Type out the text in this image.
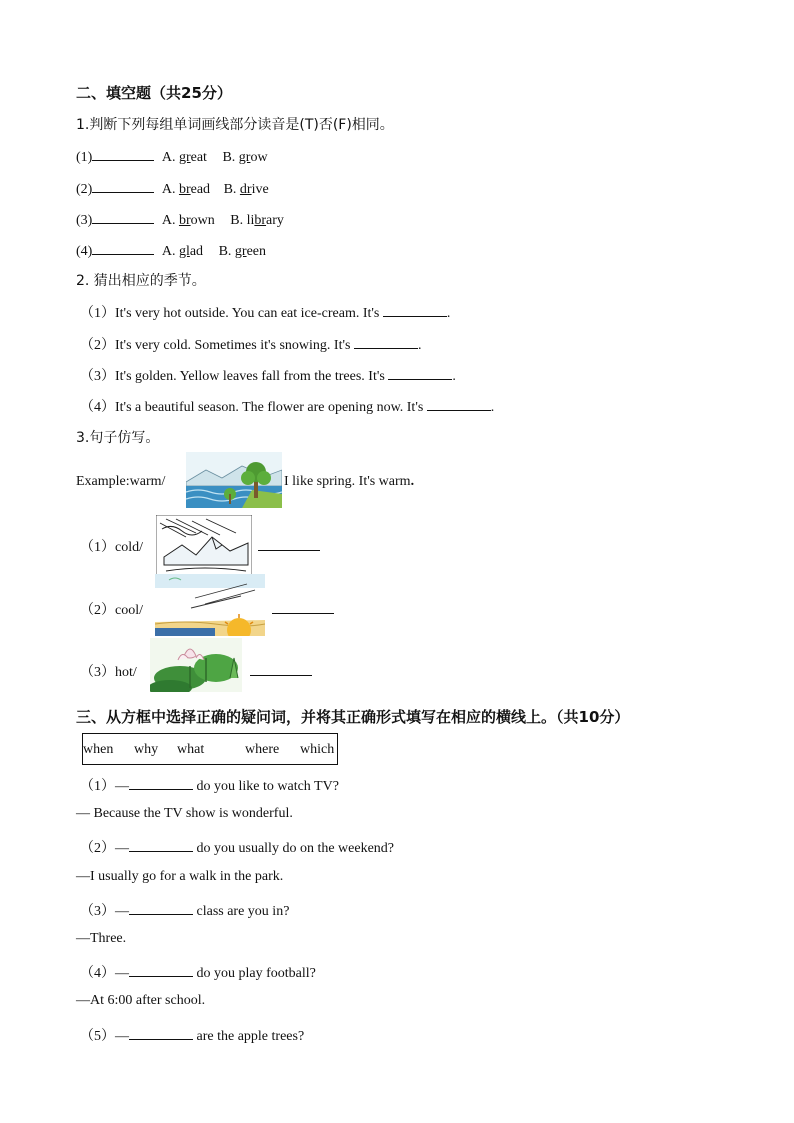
二、填空题（共25分）
1.判断下列每组单词画线部分读音是(T)否(F)相同。
(1)	A. great B. grow
(2)	A. bread B. drive
(3)	A. brown B. library
(4)	A. glad B. green
2. 猜出相应的季节。
（1）It's very hot outside. You can eat ice-cream. It's	.
（2）It's very cold. Sometimes it's snowing. It's	.
（3）It's golden. Yellow leaves fall from the trees. It's	.
（4）It's a beautiful season. The flower are opening now. It's	.
3.句子仿写。
Example:warm/	I like spring. It's warm.
（1）cold/
（2）cool/
（3）hot/
三、从方框中选择正确的疑问词，并将其正确形式填写在相应的横线上。（共10分）
when why what	where which
（1）—	do you like to watch TV?
— Because the TV show is wonderful.
（2）—	do you usually do on the weekend?
—I usually go for a walk in the park.
（3）—	class are you in?
—Three.
（4）—	do you play football?
—At 6:00 after school.
（5）—	are the apple trees?
